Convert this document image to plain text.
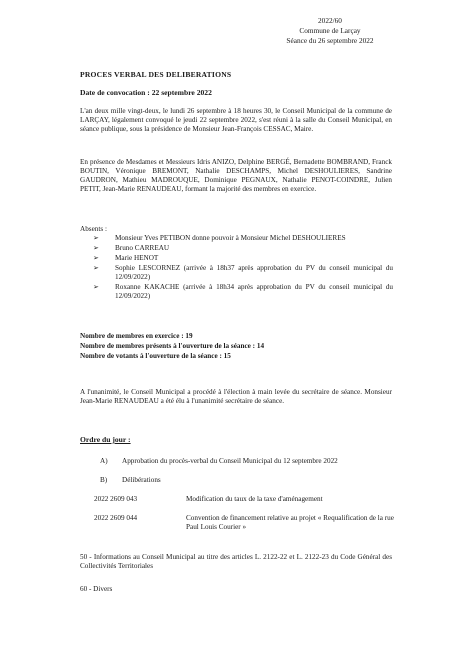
2022/60
Commune de Larçay
Séance du 26 septembre 2022
PROCES VERBAL DES DELIBERATIONS
Date de convocation : 22 septembre 2022
L'an deux mille vingt-deux, le lundi 26 septembre à 18 heures 30, le Conseil Municipal de la commune de LARÇAY, légalement convoqué le jeudi 22 septembre 2022, s'est réuni à la salle du Conseil Municipal, en séance publique, sous la présidence de Monsieur Jean-François CESSAC, Maire.
En présence de Mesdames et Messieurs Idris ANIZO, Delphine BERGÉ, Bernadette BOMBRAND, Franck BOUTIN, Véronique BREMONT, Nathalie DESCHAMPS, Michel DESHOULIERES, Sandrine GAUDRON, Mathieu MADROUQUE, Dominique PEGNAUX, Nathalie PENOT-COINDRE, Julien PETIT, Jean-Marie RENAUDEAU, formant la majorité des membres en exercice.
Absents :
➢ Monsieur Yves PETIBON donne pouvoir à Monsieur Michel DESHOULIERES
➢ Bruno CARREAU
➢ Marie HENOT
➢ Sophie LESCORNEZ (arrivée à 18h37 après approbation du PV du conseil municipal du 12/09/2022)
➢ Roxanne KAKACHE (arrivée à 18h34 après approbation du PV du conseil municipal du 12/09/2022)
Nombre de membres en exercice : 19
Nombre de membres présents à l'ouverture de la séance : 14
Nombre de votants à l'ouverture de la séance : 15
A l'unanimité, le Conseil Municipal a procédé à l'élection à main levée du secrétaire de séance. Monsieur Jean-Marie RENAUDEAU a été élu à l'unanimité secrétaire de séance.
Ordre du jour :
A) Approbation du procès-verbal du Conseil Municipal du 12 septembre 2022
B) Délibérations
2022 2609 043	Modification du taux de la taxe d'aménagement
2022 2609 044	Convention de financement relative au projet « Requalification de la rue Paul Louis Courier »
50 - Informations au Conseil Municipal au titre des articles L. 2122-22 et L. 2122-23 du Code Général des Collectivités Territoriales
60 - Divers
